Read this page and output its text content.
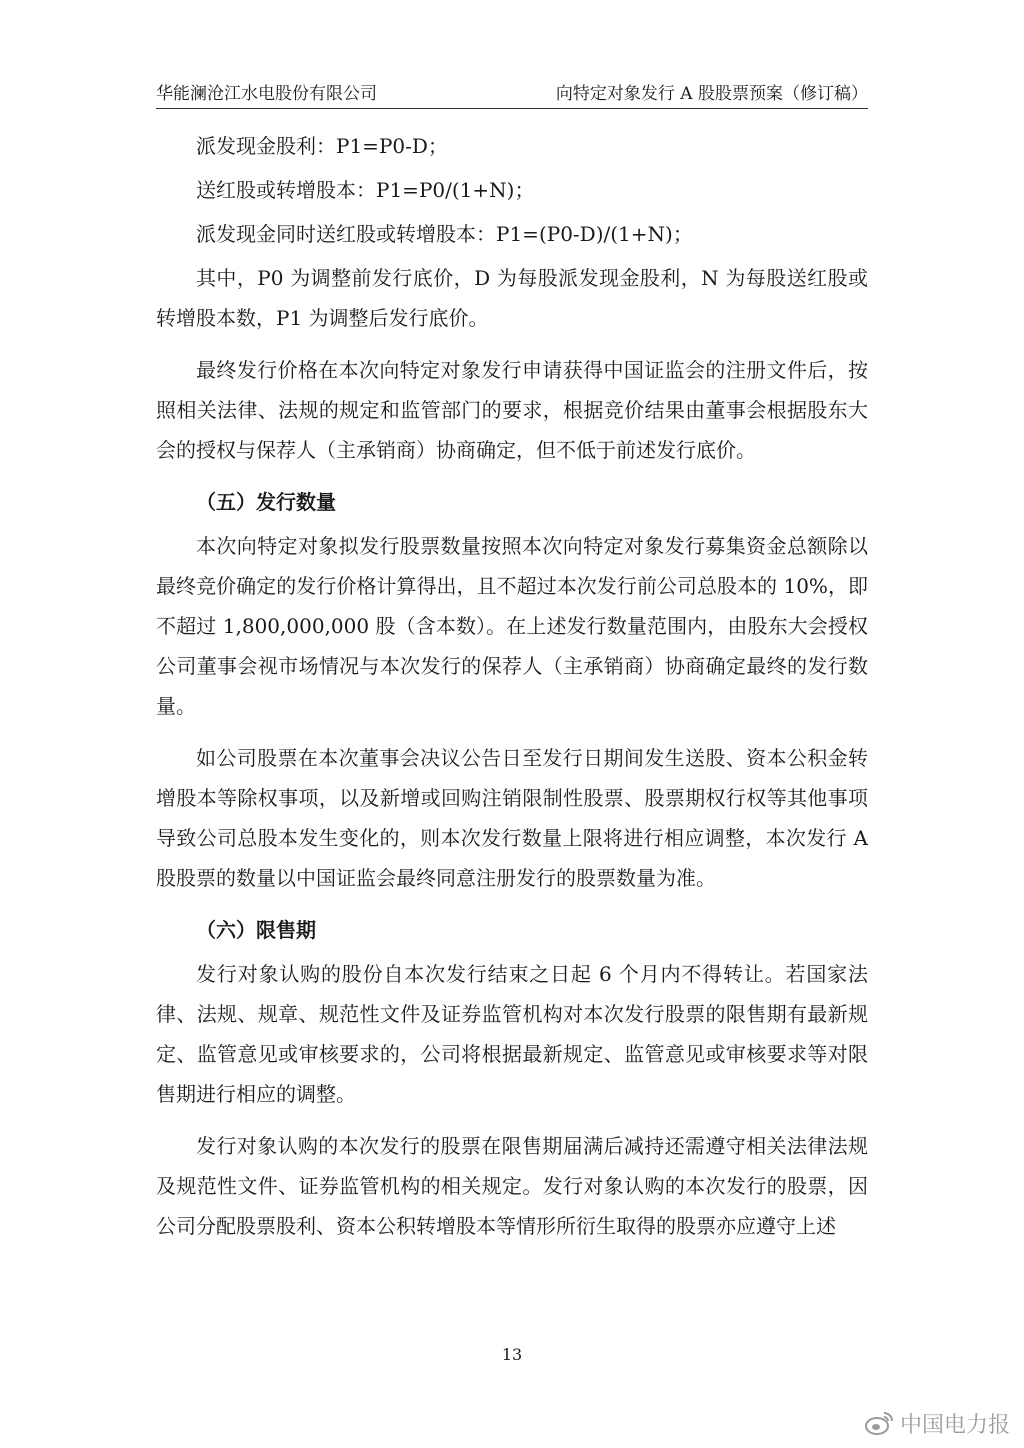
华能澜沧江水电股份有限公司	向特定对象发行 A 股股票预案（修订稿）

派发现金股利：P1=P0-D；

送红股或转增股本：P1=P0/(1+N)；

派发现金同时送红股或转增股本：P1=(P0-D)/(1+N)；

其中，P0 为调整前发行底价，D 为每股派发现金股利，N 为每股送红股或转增股本数，P1 为调整后发行底价。

最终发行价格在本次向特定对象发行申请获得中国证监会的注册文件后，按照相关法律、法规的规定和监管部门的要求，根据竞价结果由董事会根据股东大会的授权与保荐人（主承销商）协商确定，但不低于前述发行底价。

（五）发行数量

本次向特定对象拟发行股票数量按照本次向特定对象发行募集资金总额除以最终竞价确定的发行价格计算得出，且不超过本次发行前公司总股本的 10%，即不超过 1,800,000,000 股（含本数）。在上述发行数量范围内，由股东大会授权公司董事会视市场情况与本次发行的保荐人（主承销商）协商确定最终的发行数量。

如公司股票在本次董事会决议公告日至发行日期间发生送股、资本公积金转增股本等除权事项，以及新增或回购注销限制性股票、股票期权行权等其他事项导致公司总股本发生变化的，则本次发行数量上限将进行相应调整，本次发行 A 股股票的数量以中国证监会最终同意注册发行的股票数量为准。

（六）限售期

发行对象认购的股份自本次发行结束之日起 6 个月内不得转让。若国家法律、法规、规章、规范性文件及证券监管机构对本次发行股票的限售期有最新规定、监管意见或审核要求的，公司将根据最新规定、监管意见或审核要求等对限售期进行相应的调整。

发行对象认购的本次发行的股票在限售期届满后减持还需遵守相关法律法规及规范性文件、证券监管机构的相关规定。发行对象认购的本次发行的股票，因公司分配股票股利、资本公积转增股本等情形所衍生取得的股票亦应遵守上述

13
中国电力报
